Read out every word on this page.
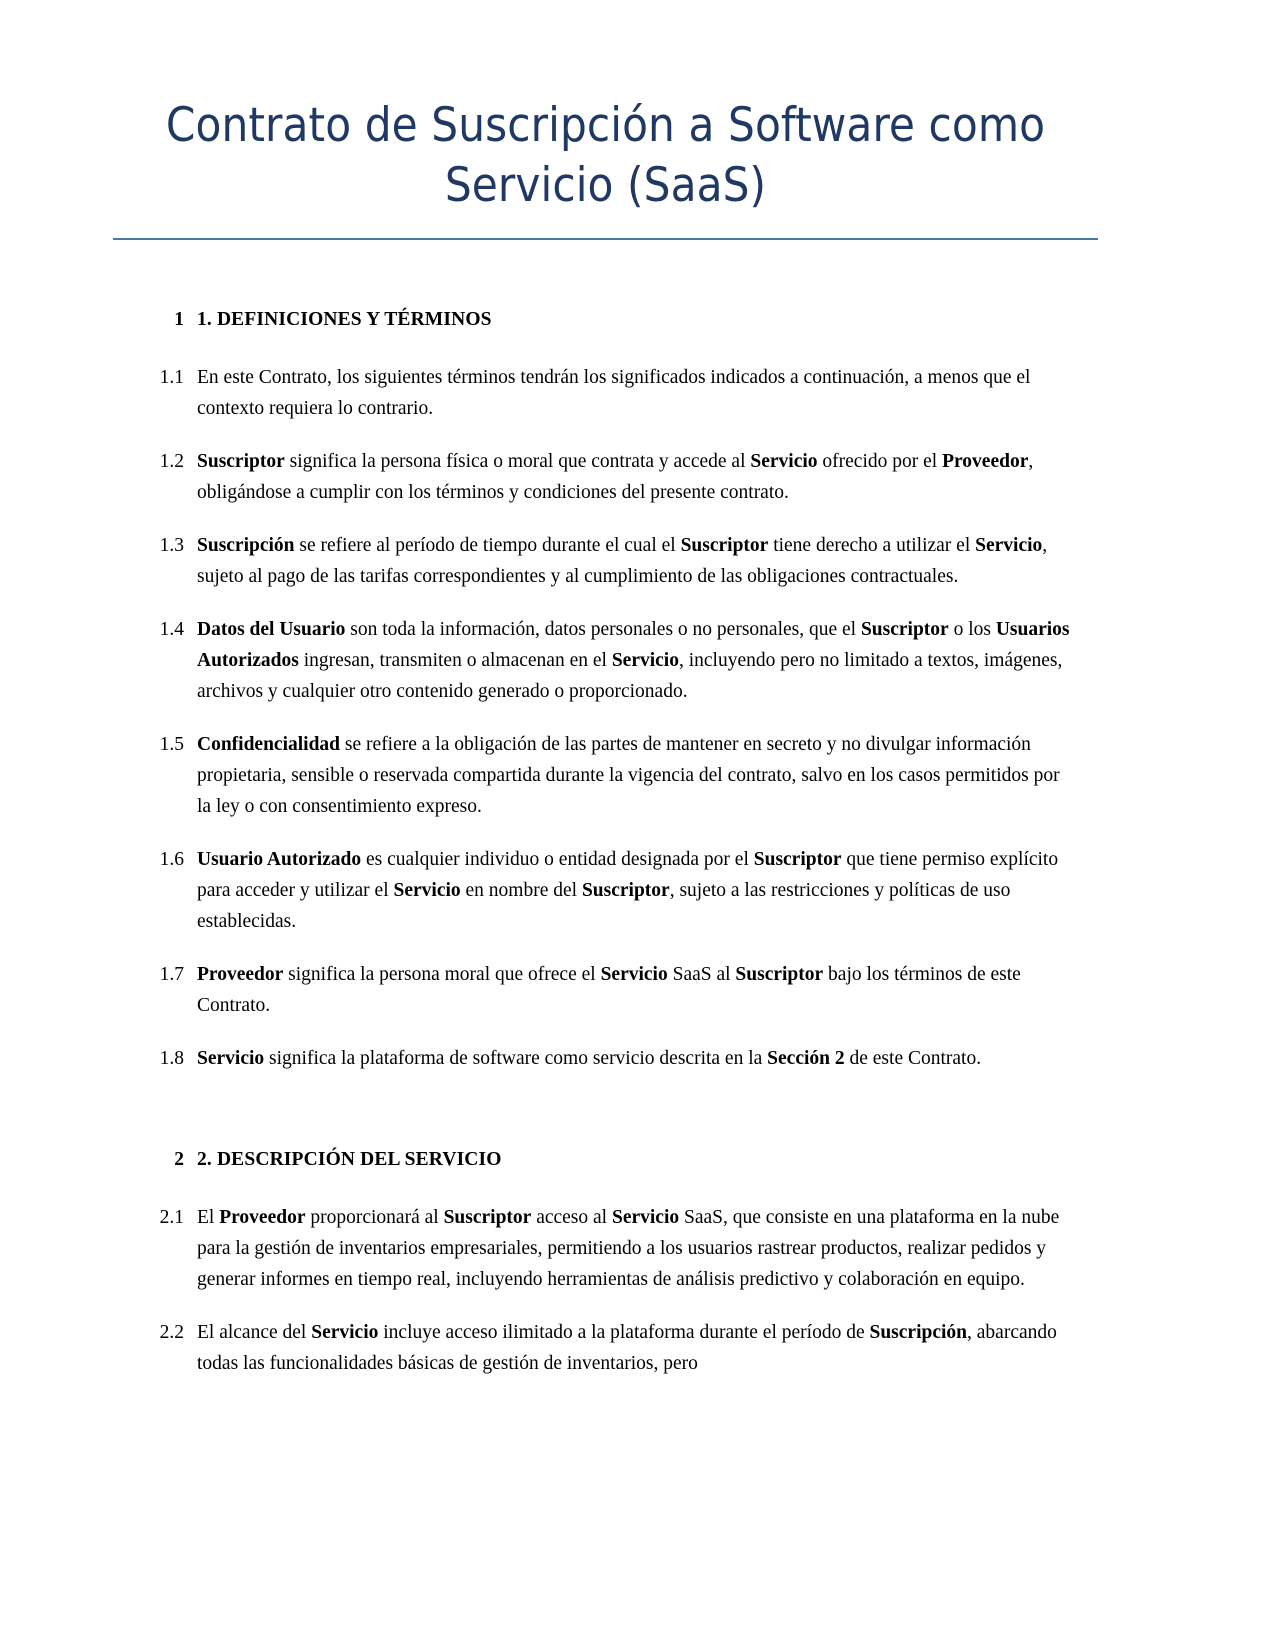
Contrato de Suscripción a Software como
Servicio (SaaS)
1 1. DEFINICIONES Y TÉRMINOS
1.1 En este Contrato, los siguientes términos tendrán los significados indicados a continuación, a menos que el contexto requiera lo contrario.
1.2 Suscriptor significa la persona física o moral que contrata y accede al Servicio ofrecido por el Proveedor, obligándose a cumplir con los términos y condiciones del presente contrato.
1.3 Suscripción se refiere al período de tiempo durante el cual el Suscriptor tiene derecho a utilizar el Servicio, sujeto al pago de las tarifas correspondientes y al cumplimiento de las obligaciones contractuales.
1.4 Datos del Usuario son toda la información, datos personales o no personales, que el Suscriptor o los Usuarios Autorizados ingresan, transmiten o almacenan en el Servicio, incluyendo pero no limitado a textos, imágenes, archivos y cualquier otro contenido generado o proporcionado.
1.5 Confidencialidad se refiere a la obligación de las partes de mantener en secreto y no divulgar información propietaria, sensible o reservada compartida durante la vigencia del contrato, salvo en los casos permitidos por la ley o con consentimiento expreso.
1.6 Usuario Autorizado es cualquier individuo o entidad designada por el Suscriptor que tiene permiso explícito para acceder y utilizar el Servicio en nombre del Suscriptor, sujeto a las restricciones y políticas de uso establecidas.
1.7 Proveedor significa la persona moral que ofrece el Servicio SaaS al Suscriptor bajo los términos de este Contrato.
1.8 Servicio significa la plataforma de software como servicio descrita en la Sección 2 de este Contrato.
2 2. DESCRIPCIÓN DEL SERVICIO
2.1 El Proveedor proporcionará al Suscriptor acceso al Servicio SaaS, que consiste en una plataforma en la nube para la gestión de inventarios empresariales, permitiendo a los usuarios rastrear productos, realizar pedidos y generar informes en tiempo real, incluyendo herramientas de análisis predictivo y colaboración en equipo.
2.2 El alcance del Servicio incluye acceso ilimitado a la plataforma durante el período de Suscripción, abarcando todas las funcionalidades básicas de gestión de inventarios, pero
